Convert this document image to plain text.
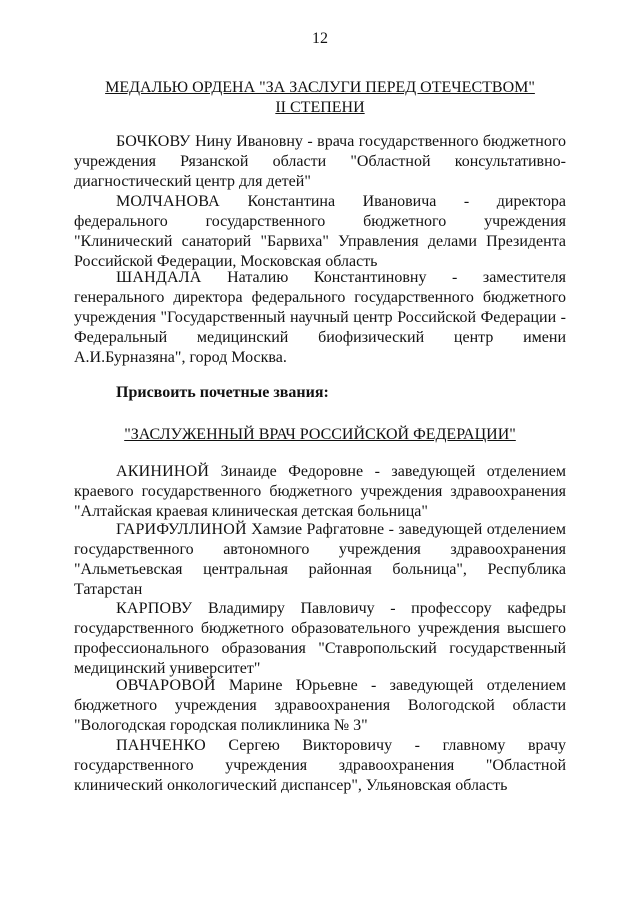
12
МЕДАЛЬЮ ОРДЕНА "ЗА ЗАСЛУГИ ПЕРЕД ОТЕЧЕСТВОМ"
II СТЕПЕНИ
БОЧКОВУ Нину Ивановну - врача государственного бюджетного учреждения Рязанской области "Областной консультативно-диагностический центр для детей"
МОЛЧАНОВА Константина Ивановича - директора федерального государственного бюджетного учреждения "Клинический санаторий "Барвиха" Управления делами Президента Российской Федерации, Московская область
ШАНДАЛА Наталию Константиновну - заместителя генерального директора федерального государственного бюджетного учреждения "Государственный научный центр Российской Федерации - Федеральный медицинский биофизический центр имени А.И.Бурназяна", город Москва.
Присвоить почетные звания:
"ЗАСЛУЖЕННЫЙ ВРАЧ РОССИЙСКОЙ ФЕДЕРАЦИИ"
АКИНИНОЙ Зинаиде Федоровне - заведующей отделением краевого государственного бюджетного учреждения здравоохранения "Алтайская краевая клиническая детская больница"
ГАРИФУЛЛИНОЙ Хамзие Рафгатовне - заведующей отделением государственного автономного учреждения здравоохранения "Альметьевская центральная районная больница", Республика Татарстан
КАРПОВУ Владимиру Павловичу - профессору кафедры государственного бюджетного образовательного учреждения высшего профессионального образования "Ставропольский государственный медицинский университет"
ОВЧАРОВОЙ Марине Юрьевне - заведующей отделением бюджетного учреждения здравоохранения Вологодской области "Вологодская городская поликлиника № 3"
ПАНЧЕНКО Сергею Викторовичу - главному врачу государственного учреждения здравоохранения "Областной клинический онкологический диспансер", Ульяновская область
